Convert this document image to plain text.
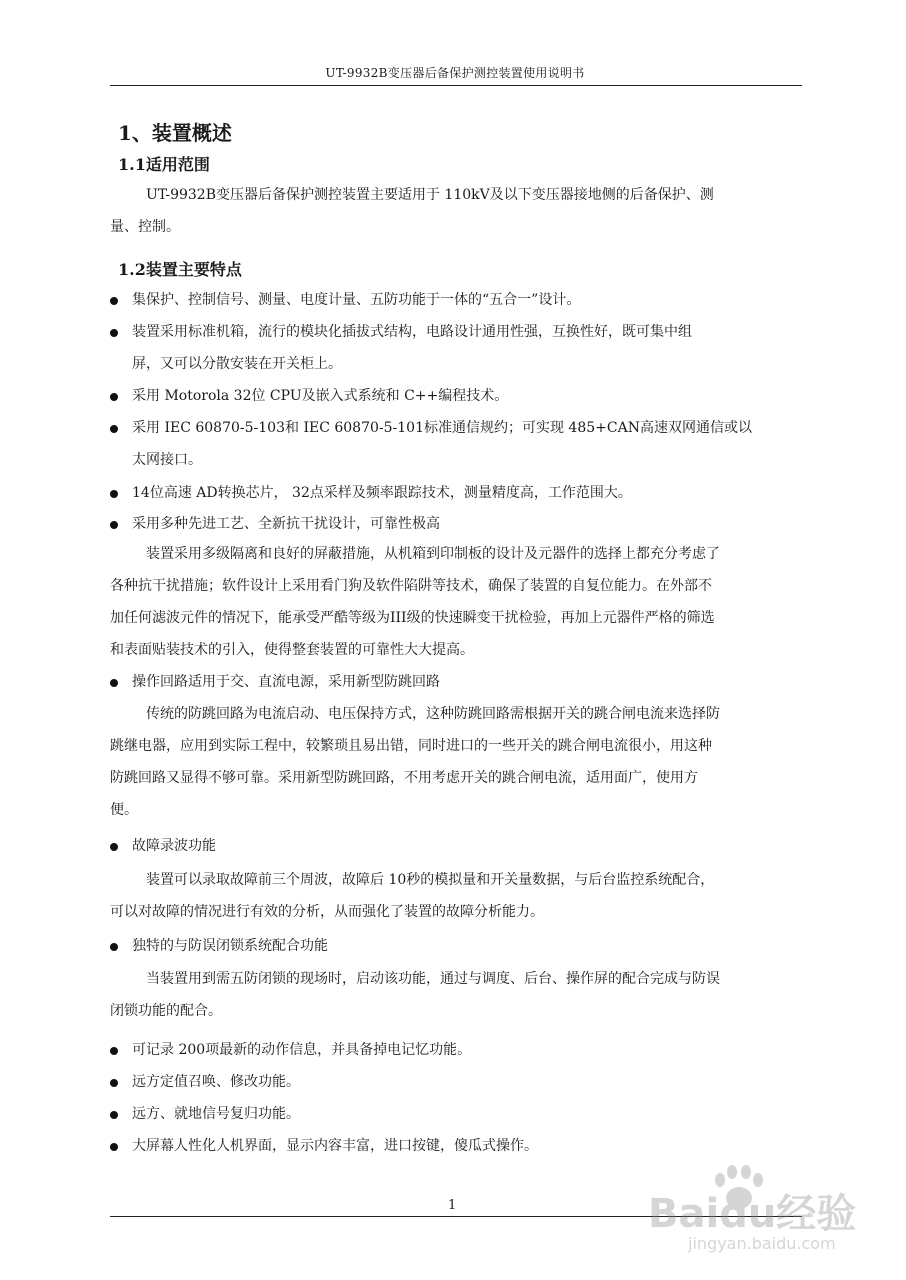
UT-9932B变压器后备保护测控装置使用说明书
1、装置概述
1.1适用范围
UT-9932B变压器后备保护测控装置主要适用于 110kV及以下变压器接地侧的后备保护、测
量、控制。
1.2装置主要特点
集保护、控制信号、测量、电度计量、五防功能于一体的“五合一”设计。
装置采用标准机箱，流行的模块化插拔式结构，电路设计通用性强，互换性好，既可集中组
屏，又可以分散安装在开关柜上。
采用 Motorola 32位 CPU及嵌入式系统和 C++编程技术。
采用 IEC 60870-5-103和 IEC 60870-5-101标准通信规约；可实现 485+CAN高速双网通信或以
太网接口。
14位高速 AD转换芯片， 32点采样及频率跟踪技术，测量精度高，工作范围大。
采用多种先进工艺、全新抗干扰设计，可靠性极高
装置采用多级隔离和良好的屏蔽措施，从机箱到印制板的设计及元器件的选择上都充分考虑了
各种抗干扰措施；软件设计上采用看门狗及软件陷阱等技术，确保了装置的自复位能力。在外部不
加任何滤波元件的情况下，能承受严酷等级为III级的快速瞬变干扰检验，再加上元器件严格的筛选
和表面贴装技术的引入，使得整套装置的可靠性大大提高。
操作回路适用于交、直流电源，采用新型防跳回路
传统的防跳回路为电流启动、电压保持方式，这种防跳回路需根据开关的跳合闸电流来选择防
跳继电器，应用到实际工程中，较繁琐且易出错，同时进口的一些开关的跳合闸电流很小，用这种
防跳回路又显得不够可靠。采用新型防跳回路，不用考虑开关的跳合闸电流，适用面广，使用方
便。
故障录波功能
装置可以录取故障前三个周波，故障后 10秒的模拟量和开关量数据，与后台监控系统配合，
可以对故障的情况进行有效的分析，从而强化了装置的故障分析能力。
独特的与防误闭锁系统配合功能
当装置用到需五防闭锁的现场时，启动该功能，通过与调度、后台、操作屏的配合完成与防误
闭锁功能的配合。
可记录 200项最新的动作信息，并具备掉电记忆功能。
远方定值召唤、修改功能。
远方、就地信号复归功能。
大屏幕人性化人机界面，显示内容丰富，进口按键，傻瓜式操作。
1	Baidu经验
jingyan.baidu.com
